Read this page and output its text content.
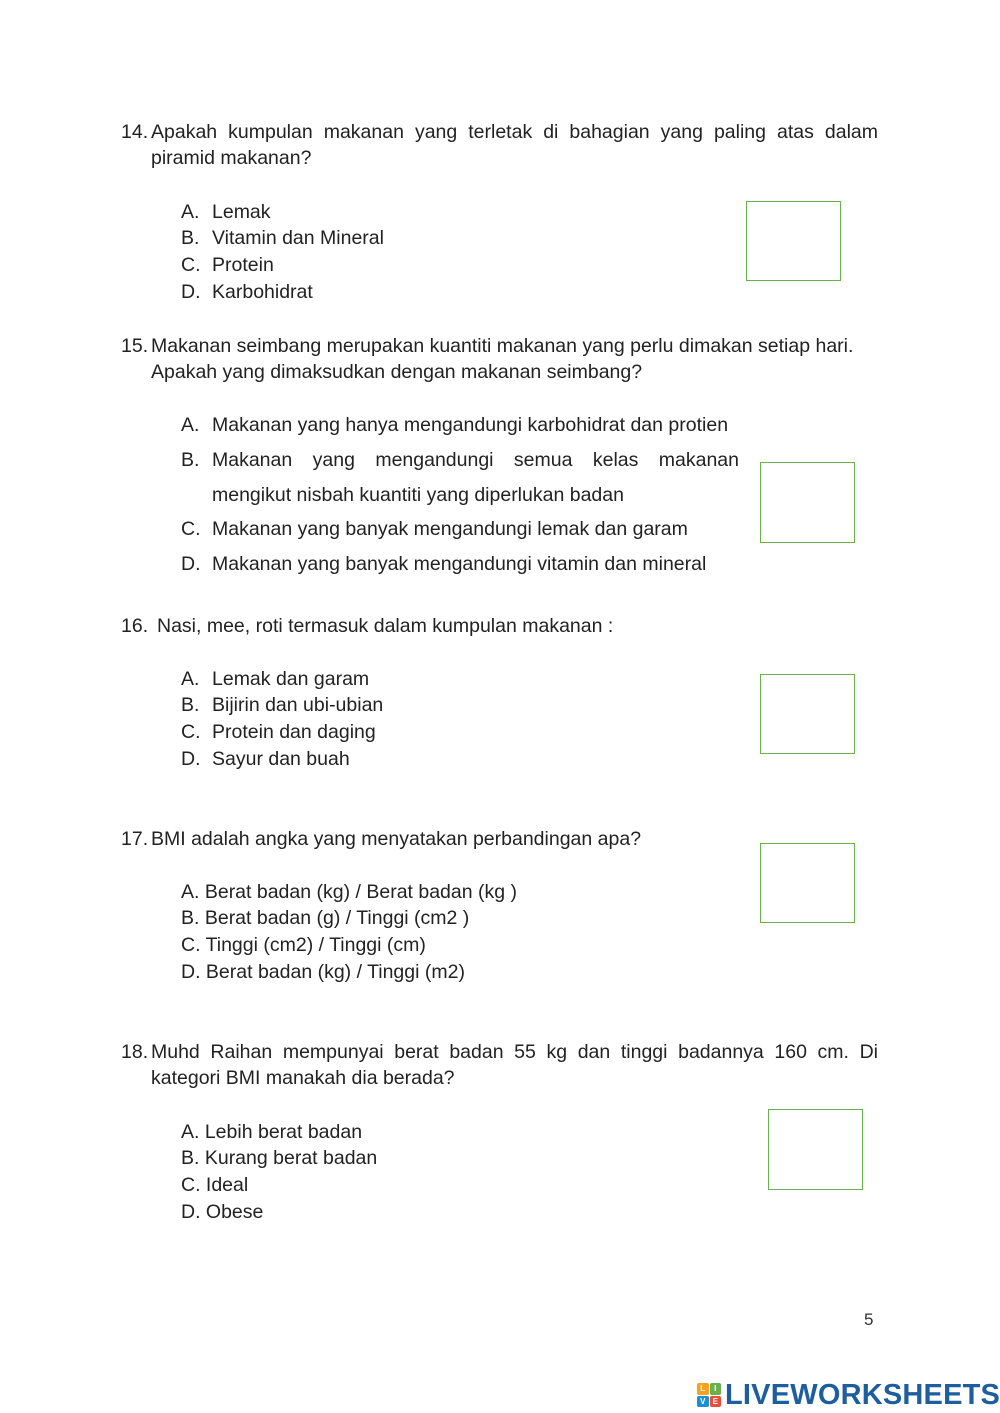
14. Apakah kumpulan makanan yang terletak di bahagian yang paling atas dalam piramid makanan?
A. Lemak
B. Vitamin dan Mineral
C. Protein
D. Karbohidrat
15. Makanan seimbang merupakan kuantiti makanan yang perlu dimakan setiap hari. Apakah yang dimaksudkan dengan makanan seimbang?
A. Makanan yang hanya mengandungi karbohidrat dan protien
B. Makanan yang mengandungi semua kelas makanan
mengikut nisbah kuantiti yang diperlukan badan
C. Makanan yang banyak mengandungi lemak dan garam
D. Makanan yang banyak mengandungi vitamin dan mineral
16. Nasi, mee, roti termasuk dalam kumpulan makanan :
A. Lemak dan garam
B. Bijirin dan ubi-ubian
C. Protein dan daging
D. Sayur dan buah
17. BMI adalah angka yang menyatakan perbandingan apa?
A. Berat badan (kg) / Berat badan (kg )
B. Berat badan (g) / Tinggi (cm2 )
C. Tinggi (cm2) / Tinggi (cm)
D. Berat badan (kg) / Tinggi (m2)
18. Muhd Raihan mempunyai berat badan 55 kg dan tinggi badannya 160 cm. Di kategori BMI manakah dia berada?
A. Lebih berat badan
B. Kurang berat badan
C. Ideal
D. Obese
5
L	I
V E LIVEWORKSHEETS
